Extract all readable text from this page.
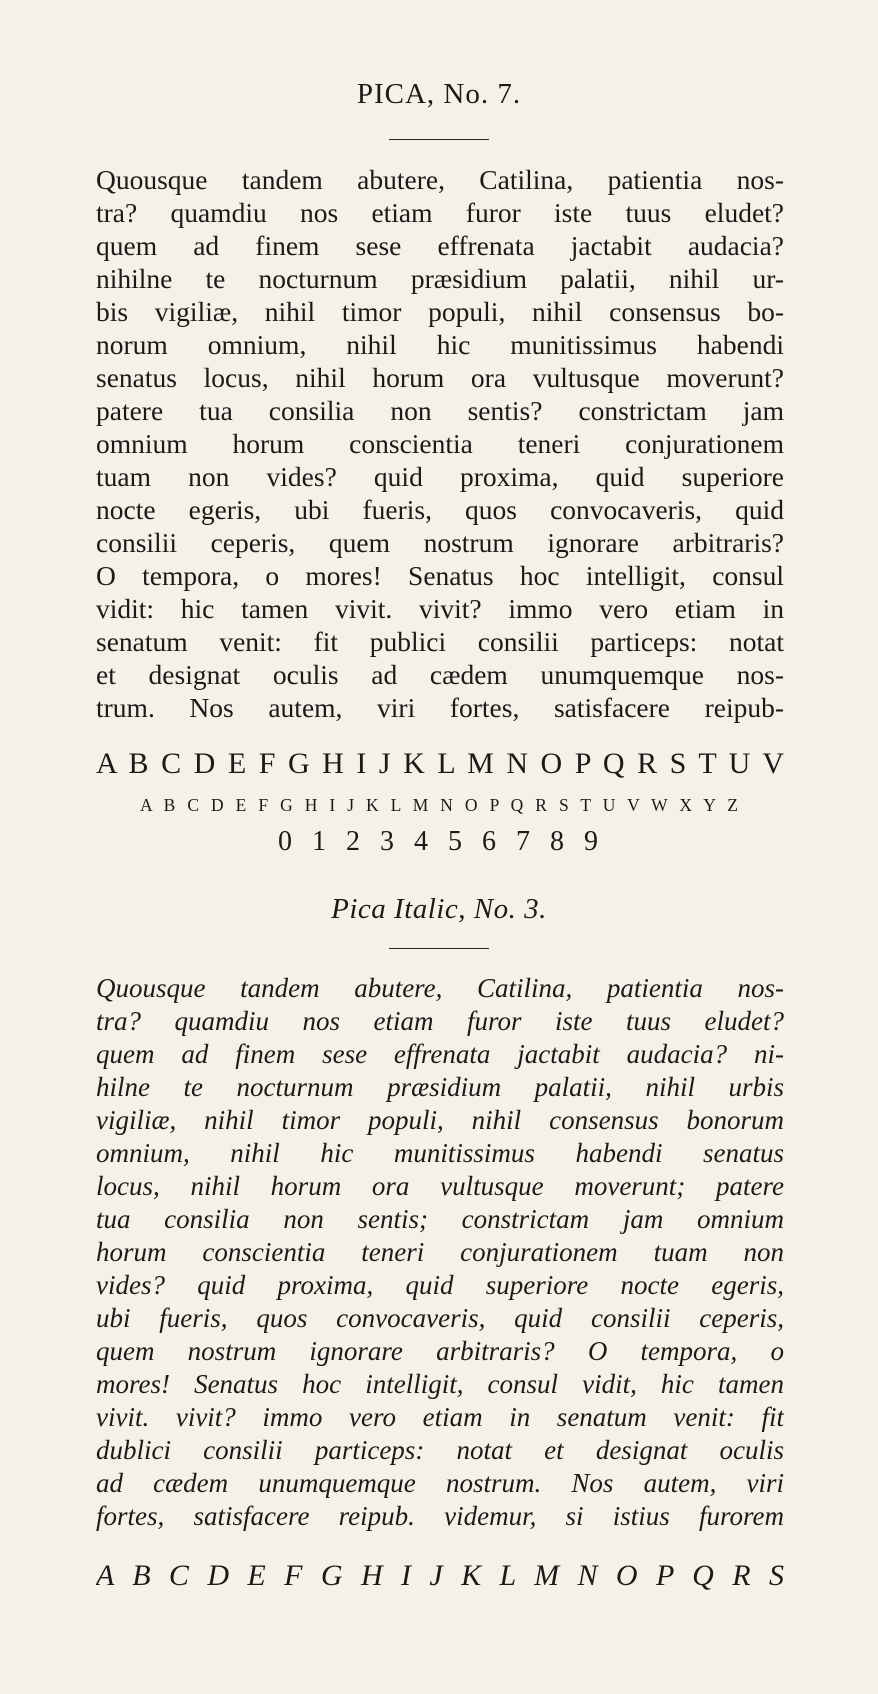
PICA, No. 7.
Quousque tandem abutere, Catilina, patientia nos-
tra? quamdiu nos etiam furor iste tuus eludet?
quem ad finem sese effrenata jactabit audacia?
nihilne te nocturnum præsidium palatii, nihil ur-
bis vigiliæ, nihil timor populi, nihil consensus bo-
norum omnium, nihil hic munitissimus habendi
senatus locus, nihil horum ora vultusque moverunt?
patere tua consilia non sentis? constrictam jam
omnium horum conscientia teneri conjurationem
tuam non vides? quid proxima, quid superiore
nocte egeris, ubi fueris, quos convocaveris, quid
consilii ceperis, quem nostrum ignorare arbitraris?
O tempora, o mores! Senatus hoc intelligit, consul
vidit: hic tamen vivit. vivit? immo vero etiam in
senatum venit: fit publici consilii particeps: notat
et designat oculis ad cædem unumquemque nos-
trum. Nos autem, viri fortes, satisfacere reipub-
A B C D E F G H I J K L M N O P Q R S T U V
A B C D E F G H I J K L M N O P Q R S T U V W X Y Z
0 1 2 3 4 5 6 7 8 9
Pica Italic, No. 3.
Quousque tandem abutere, Catilina, patientia nos-
tra? quamdiu nos etiam furor iste tuus eludet?
quem ad finem sese effrenata jactabit audacia? ni-
hilne te nocturnum præsidium palatii, nihil urbis
vigiliæ, nihil timor populi, nihil consensus bonorum
omnium, nihil hic munitissimus habendi senatus
locus, nihil horum ora vultusque moverunt; patere
tua consilia non sentis; constrictam jam omnium
horum conscientia teneri conjurationem tuam non
vides? quid proxima, quid superiore nocte egeris,
ubi fueris, quos convocaveris, quid consilii ceperis,
quem nostrum ignorare arbitraris? O tempora, o
mores! Senatus hoc intelligit, consul vidit, hic tamen
vivit. vivit? immo vero etiam in senatum venit: fit
dublici consilii particeps: notat et designat oculis
ad cædem unumquemque nostrum. Nos autem, viri
fortes, satisfacere reipub. videmur, si istius furorem
A B C D E F G H I J K L M N O P Q R S
